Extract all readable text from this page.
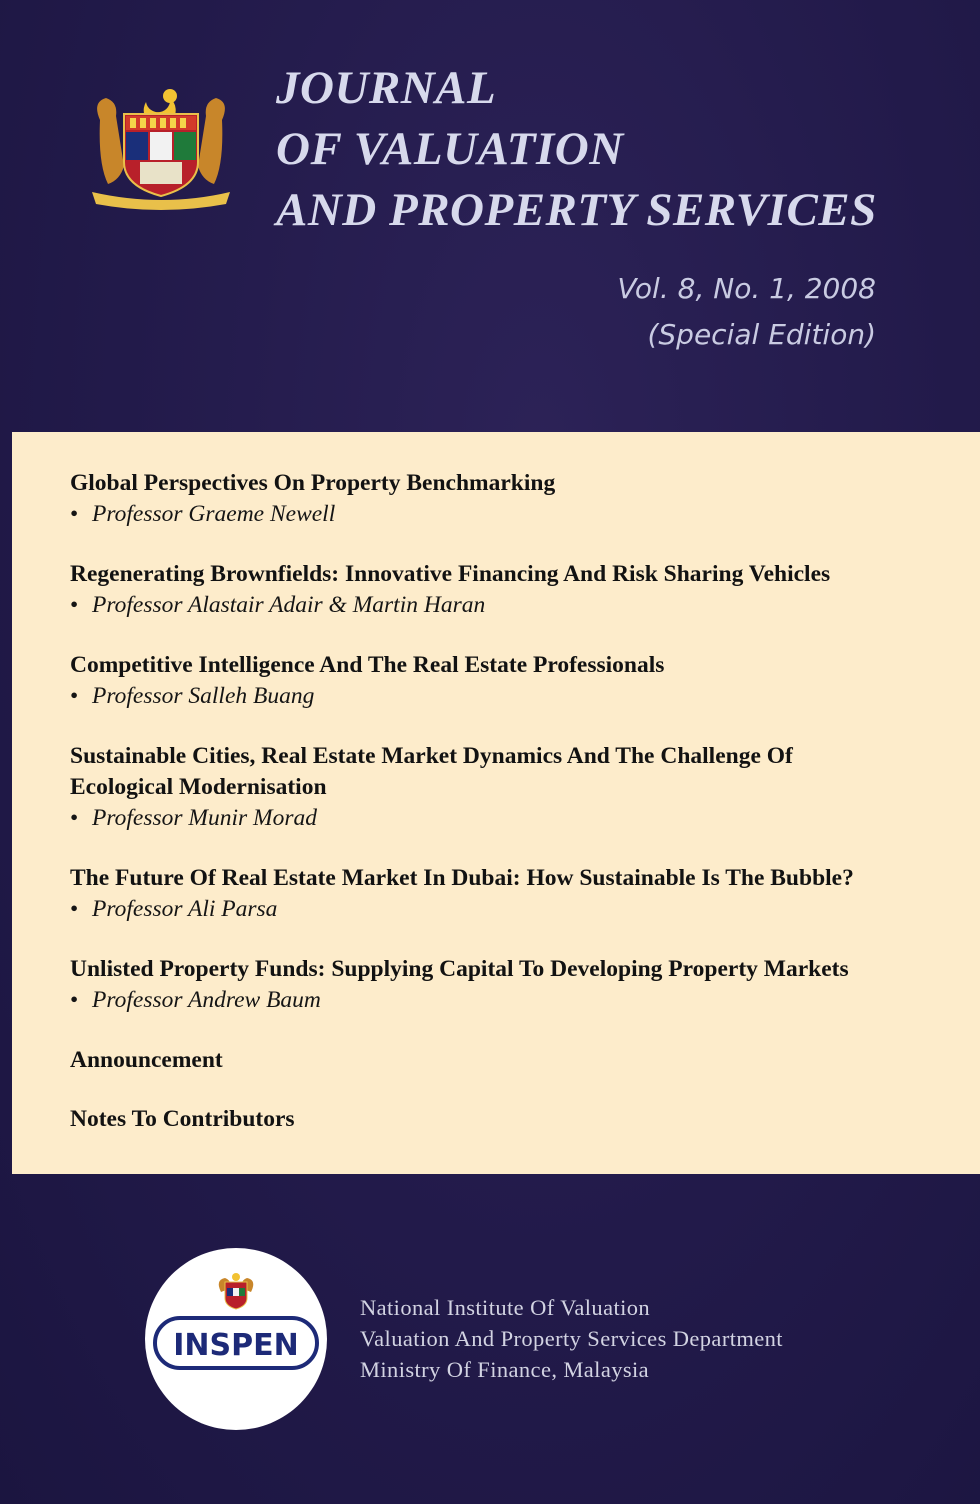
JOURNAL
OF VALUATION
AND PROPERTY SERVICES
Vol. 8, No. 1, 2008
(Special Edition)
Global Perspectives On Property Benchmarking
• Professor Graeme Newell
Regenerating Brownfields: Innovative Financing And Risk Sharing Vehicles
• Professor Alastair Adair & Martin Haran
Competitive Intelligence And The Real Estate Professionals
• Professor Salleh Buang
Sustainable Cities, Real Estate Market Dynamics And The Challenge Of
Ecological Modernisation
• Professor Munir Morad
The Future Of Real Estate Market In Dubai: How Sustainable Is The Bubble?
• Professor Ali Parsa
Unlisted Property Funds: Supplying Capital To Developing Property Markets
• Professor Andrew Baum
Announcement
Notes To Contributors
INSPEN
National Institute Of Valuation
Valuation And Property Services Department
Ministry Of Finance, Malaysia
